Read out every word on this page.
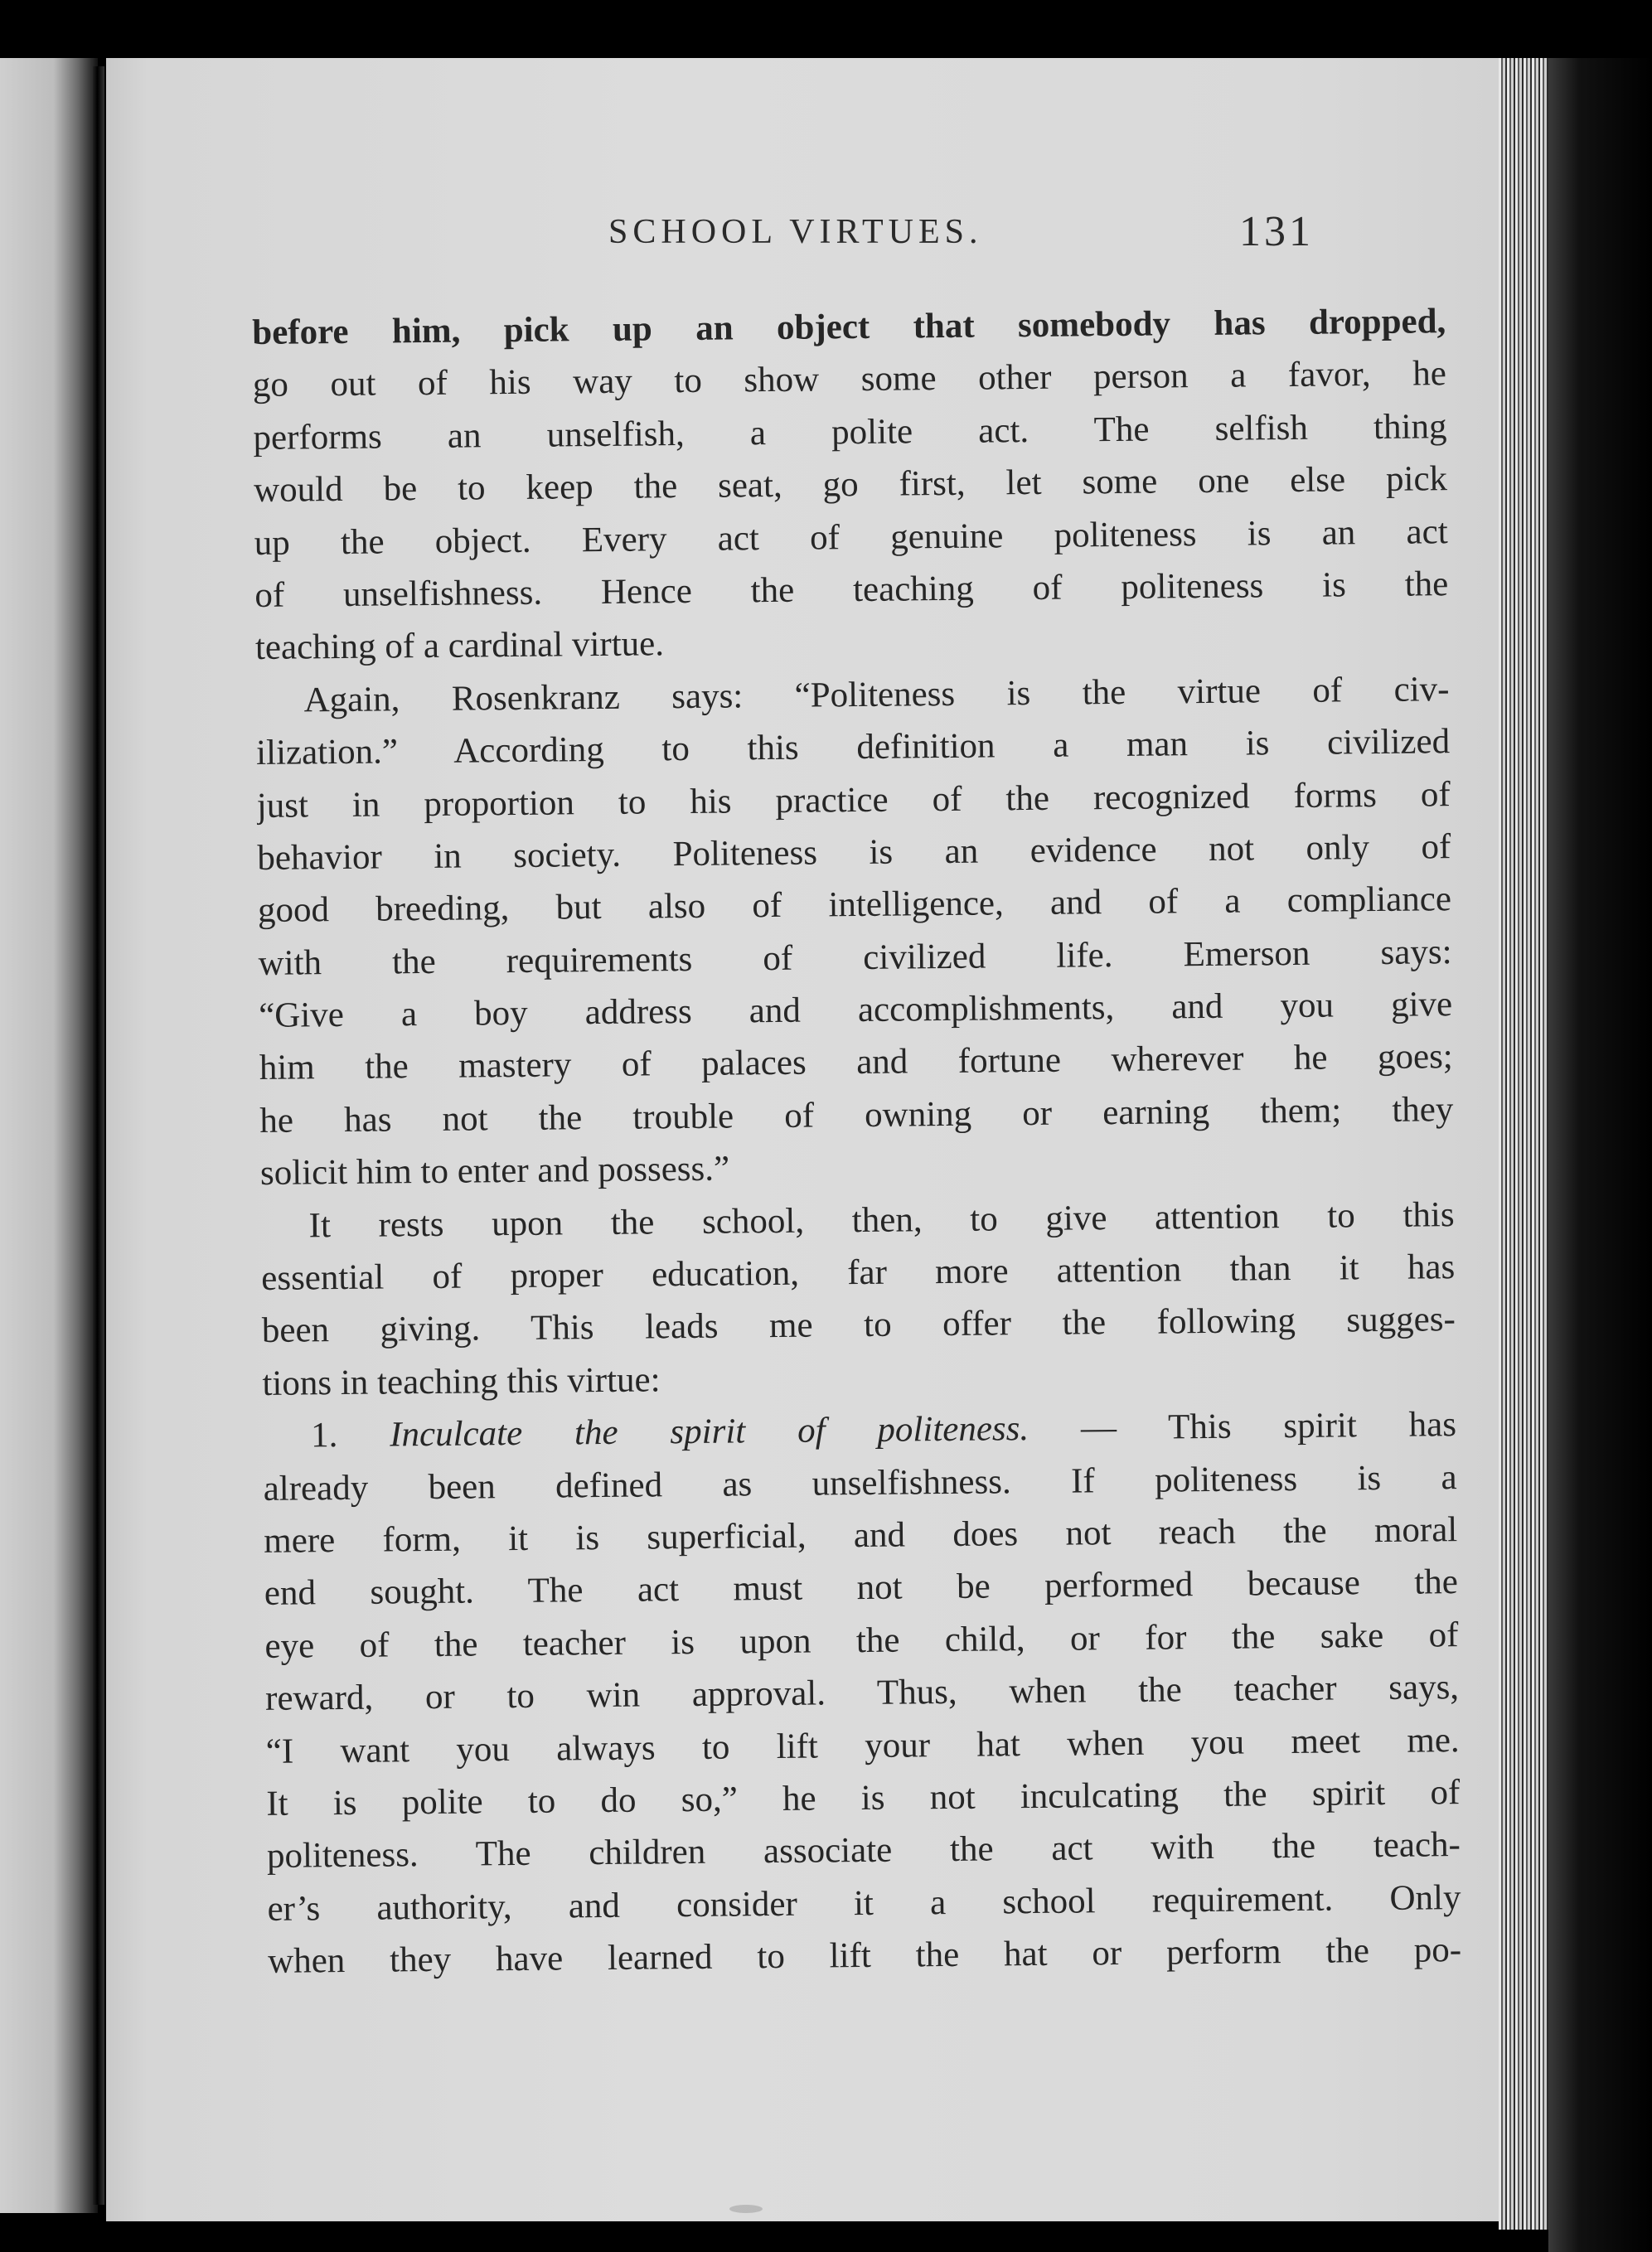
SCHOOL VIRTUES.	131
before him, pick up an object that somebody has dropped,
go out of his way to show some other person a favor, he
performs an unselfish, a polite act. The selfish thing
would be to keep the seat, go first, let some one else pick
up the object. Every act of genuine politeness is an act
of unselfishness. Hence the teaching of politeness is the
teaching of a cardinal virtue.
Again, Rosenkranz says: “Politeness is the virtue of civ-
ilization.” According to this definition a man is civilized
just in proportion to his practice of the recognized forms of
behavior in society. Politeness is an evidence not only of
good breeding, but also of intelligence, and of a compliance
with the requirements of civilized life. Emerson says:
“Give a boy address and accomplishments, and you give
him the mastery of palaces and fortune wherever he goes;
he has not the trouble of owning or earning them; they
solicit him to enter and possess.”
It rests upon the school, then, to give attention to this
essential of proper education, far more attention than it has
been giving. This leads me to offer the following sugges-
tions in teaching this virtue:
1. Inculcate the spirit of politeness. — This spirit has
already been defined as unselfishness. If politeness is a
mere form, it is superficial, and does not reach the moral
end sought. The act must not be performed because the
eye of the teacher is upon the child, or for the sake of
reward, or to win approval. Thus, when the teacher says,
“I want you always to lift your hat when you meet me.
It is polite to do so,” he is not inculcating the spirit of
politeness. The children associate the act with the teach-
er’s authority, and consider it a school requirement. Only
when they have learned to lift the hat or perform the po-
